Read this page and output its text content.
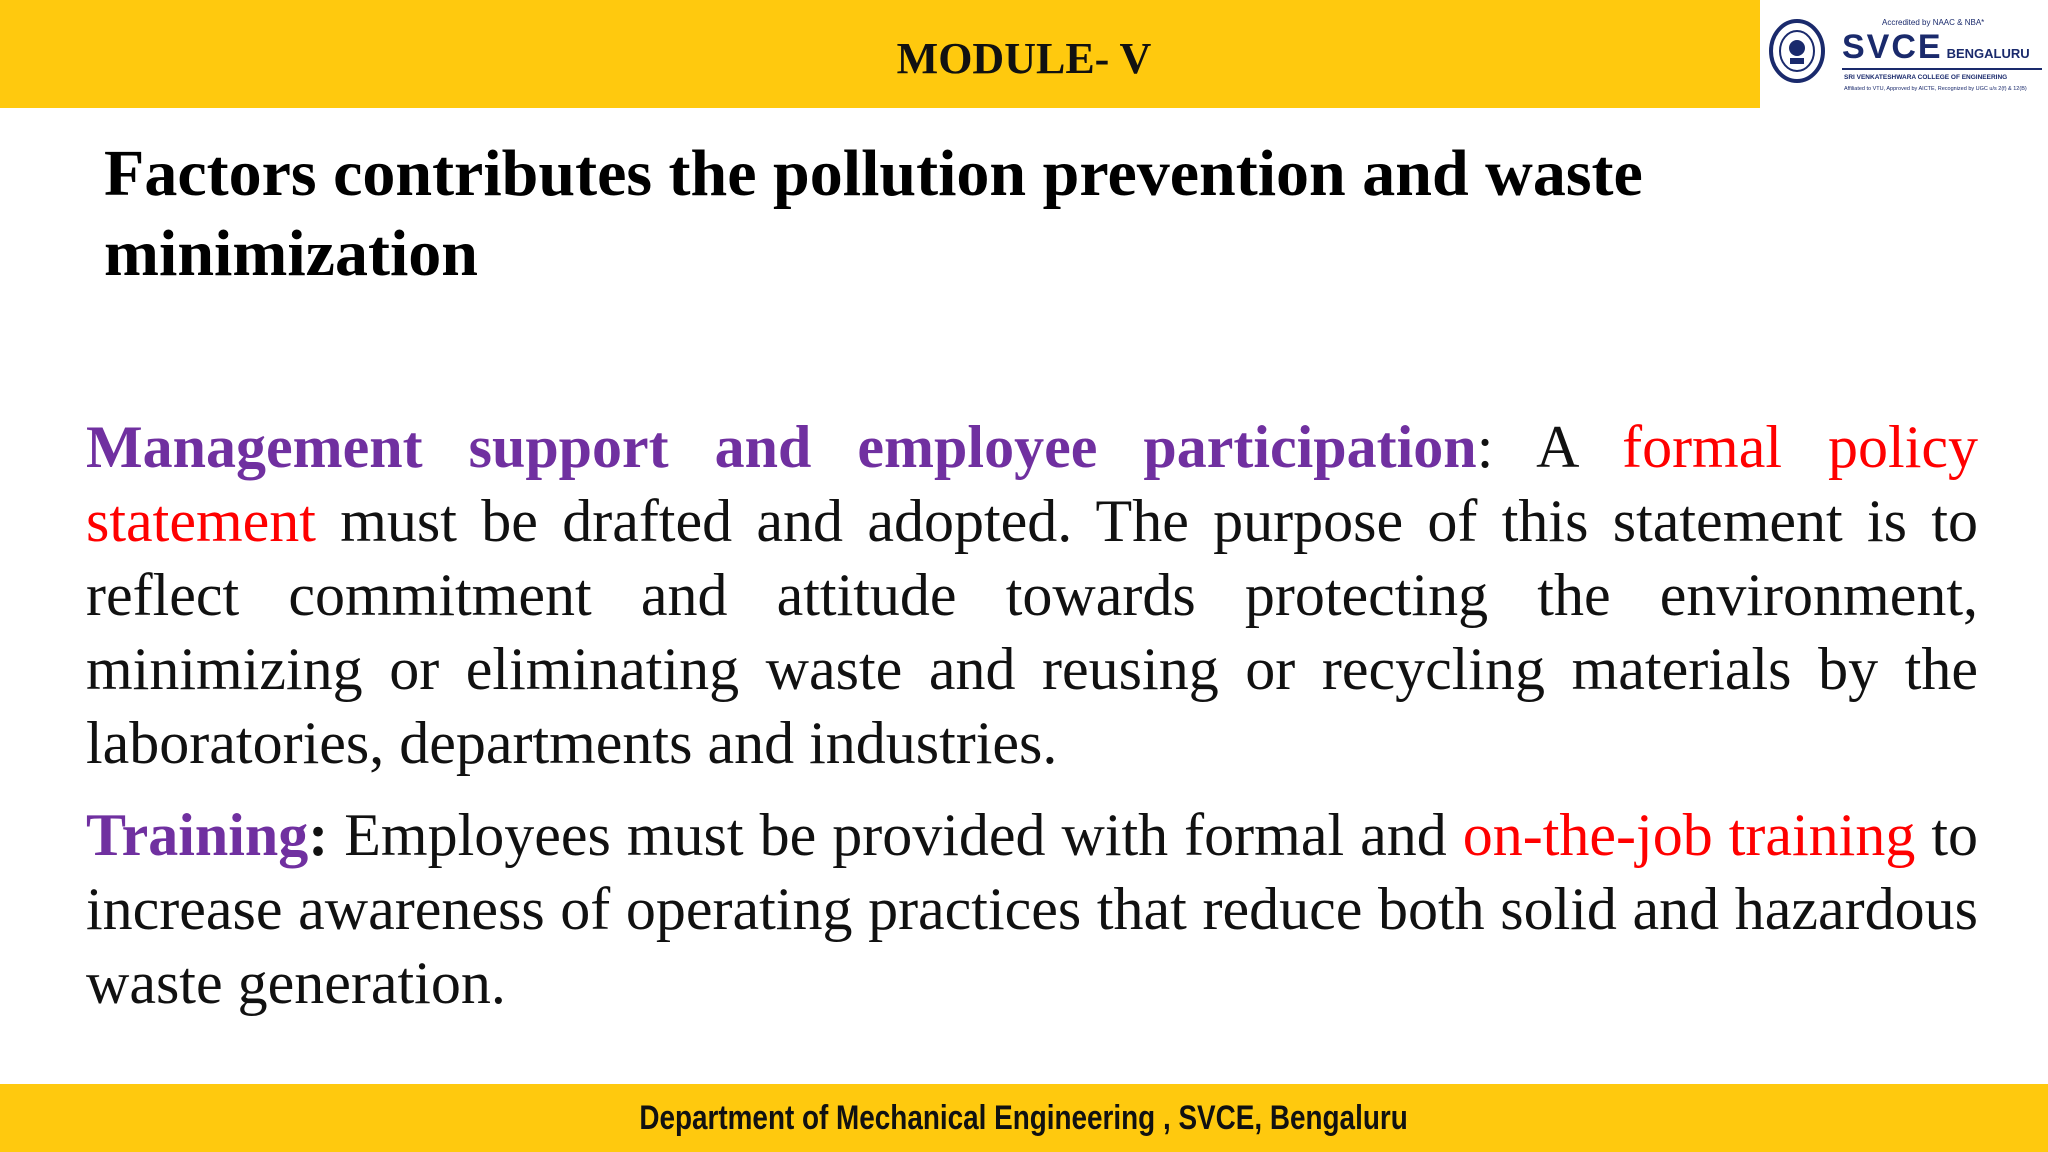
MODULE- V
Accredited by NAAC & NBA*
SVCE BENGALURU
SRI VENKATESHWARA COLLEGE OF ENGINEERING
Affiliated to VTU, Approved by AICTE, Recognized by UGC u/s 2(f) & 12(B)
Factors contributes the pollution prevention and waste minimization

Management support and employee participation: A formal policy statement must be drafted and adopted. The purpose of this statement is to reflect commitment and attitude towards protecting the environment, minimizing or eliminating waste and reusing or recycling materials by the laboratories, departments and industries.

Training: Employees must be provided with formal and on-the-job training to increase awareness of operating practices that reduce both solid and hazardous waste generation.

Department of Mechanical Engineering , SVCE, Bengaluru
